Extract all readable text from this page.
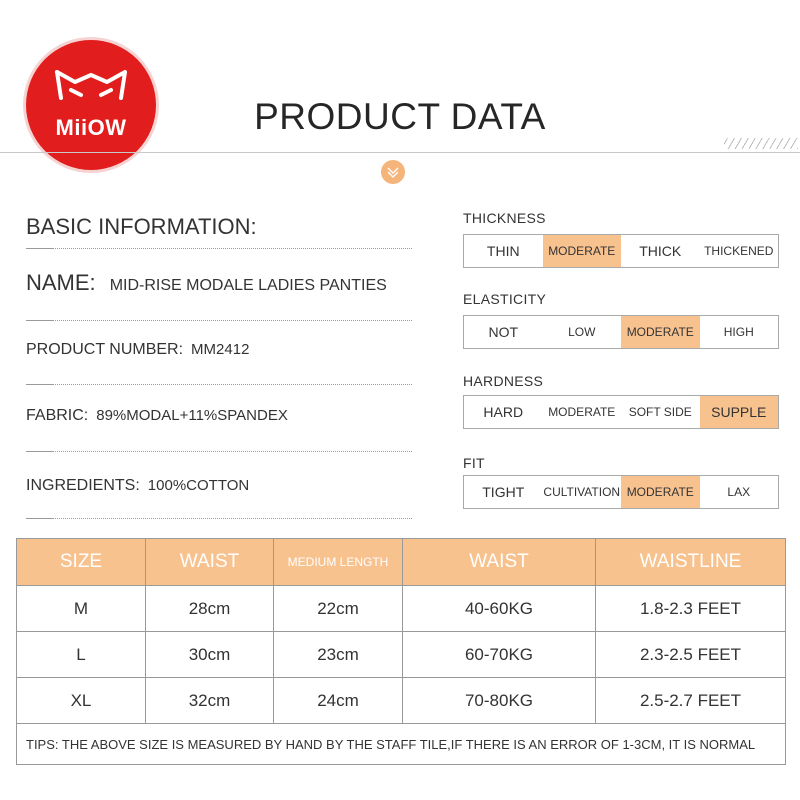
MiiOW	PRODUCT DATA
BASIC INFORMATION:
NAME: MID-RISE MODALE LADIES PANTIES
PRODUCT NUMBER: MM2412
FABRIC: 89%MODAL+11%SPANDEX
INGREDIENTS: 100%COTTON
THICKNESS
THIN	MODERATE	THICK	THICKENED
ELASTICITY
NOT	LOW	MODERATE	HIGH
HARDNESS
HARD	MODERATE	SOFT SIDE	SUPPLE
FIT
TIGHT	CULTIVATION MODERATE	LAX
SIZE	WAIST	MEDIUM LENGTH	WAIST	WAISTLINE
M	28cm	22cm	40-60KG	1.8-2.3 FEET
L	30cm	23cm	60-70KG	2.3-2.5 FEET
XL	32cm	24cm	70-80KG	2.5-2.7 FEET
TIPS: THE ABOVE SIZE IS MEASURED BY HAND BY THE STAFF TILE,IF THERE IS AN ERROR OF 1-3CM, IT IS NORMAL				
